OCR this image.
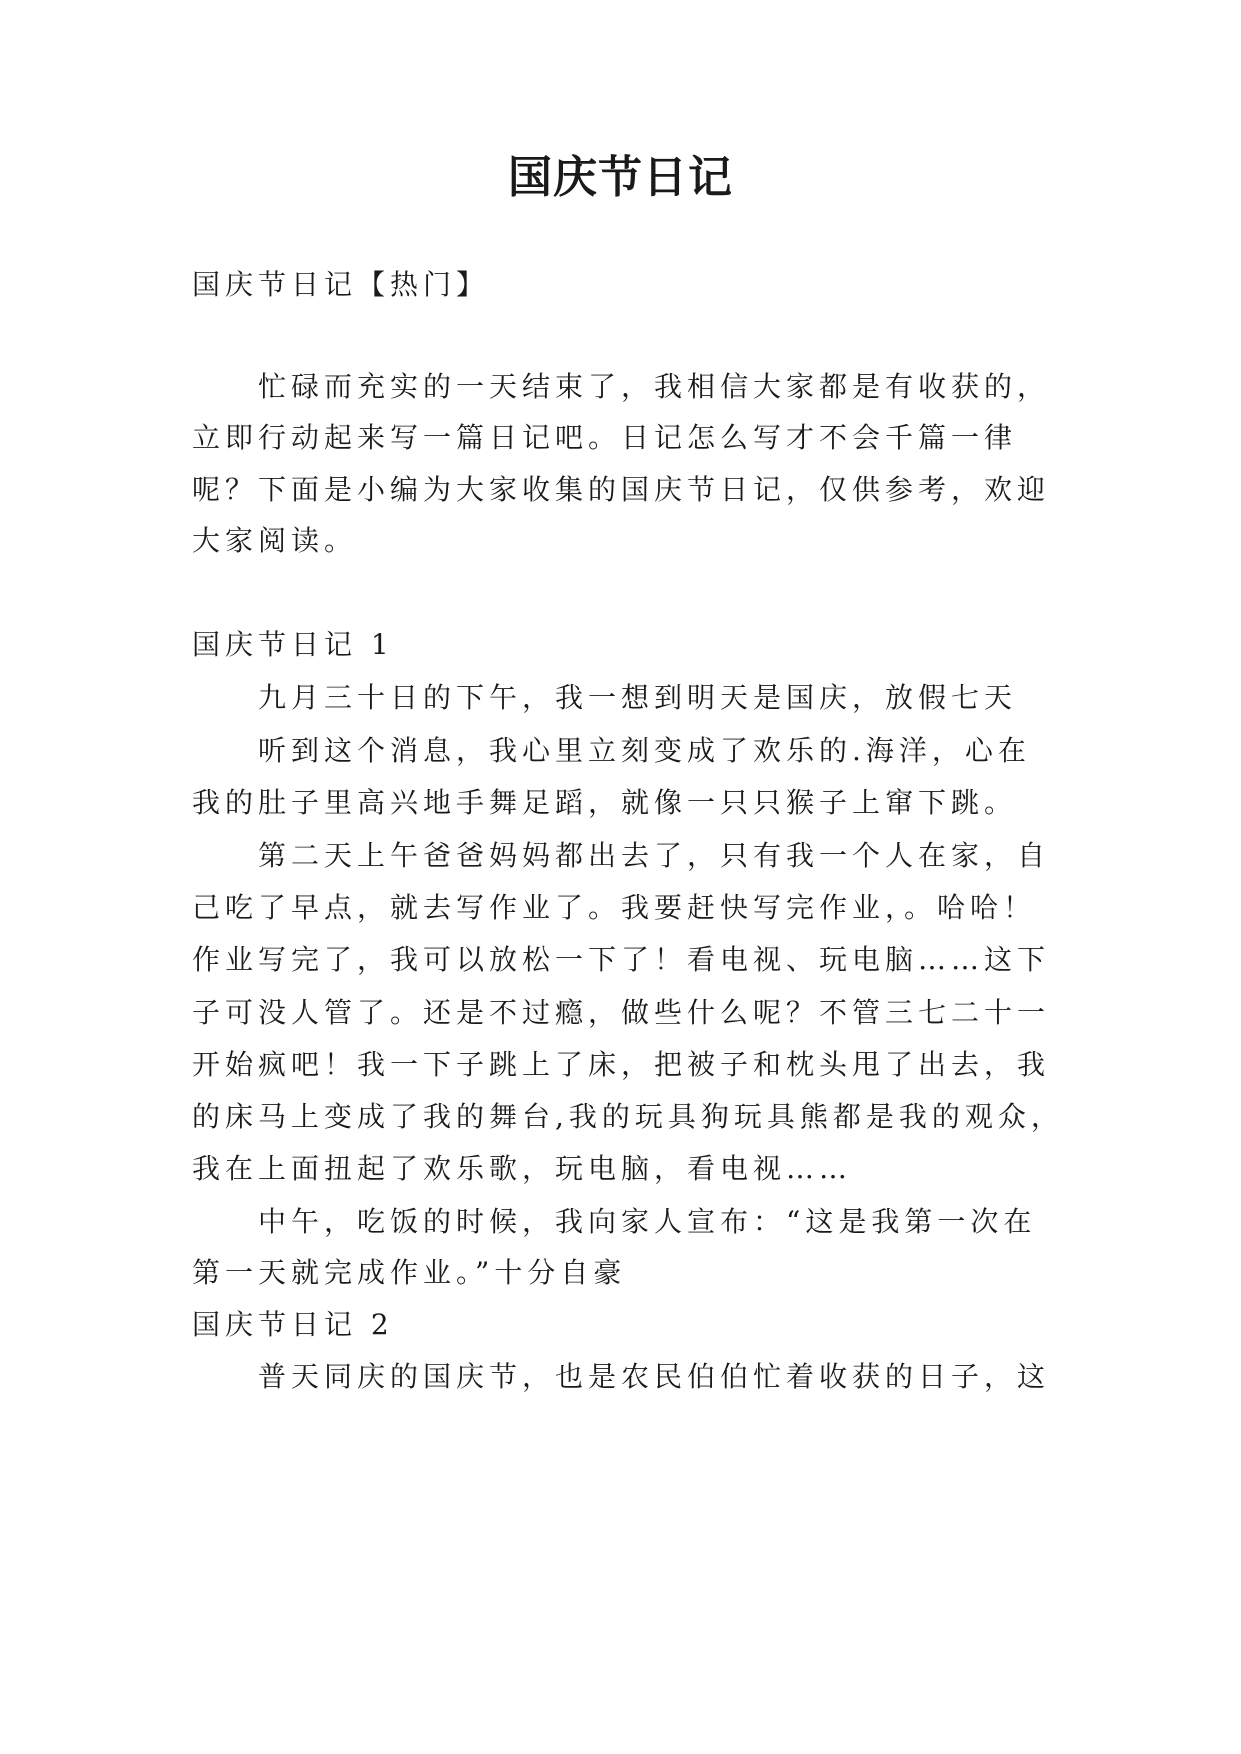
国庆节日记
国庆节日记【热门】
忙碌而充实的一天结束了，我相信大家都是有收获的，
立即行动起来写一篇日记吧。日记怎么写才不会千篇一律
呢？下面是小编为大家收集的国庆节日记，仅供参考，欢迎
大家阅读。
国庆节日记 1
九月三十日的下午，我一想到明天是国庆，放假七天
听到这个消息，我心里立刻变成了欢乐的.海洋，心在
我的肚子里高兴地手舞足蹈，就像一只只猴子上窜下跳。
第二天上午爸爸妈妈都出去了，只有我一个人在家，自
己吃了早点，就去写作业了。我要赶快写完作业，。哈哈！
作业写完了，我可以放松一下了！看电视、玩电脑……这下
子可没人管了。还是不过瘾，做些什么呢？不管三七二十一
开始疯吧！我一下子跳上了床，把被子和枕头甩了出去，我
的床马上变成了我的舞台,我的玩具狗玩具熊都是我的观众，
我在上面扭起了欢乐歌，玩电脑，看电视……
中午，吃饭的时候，我向家人宣布：“这是我第一次在
第一天就完成作业。”十分自豪
国庆节日记 2
普天同庆的国庆节，也是农民伯伯忙着收获的日子，这
